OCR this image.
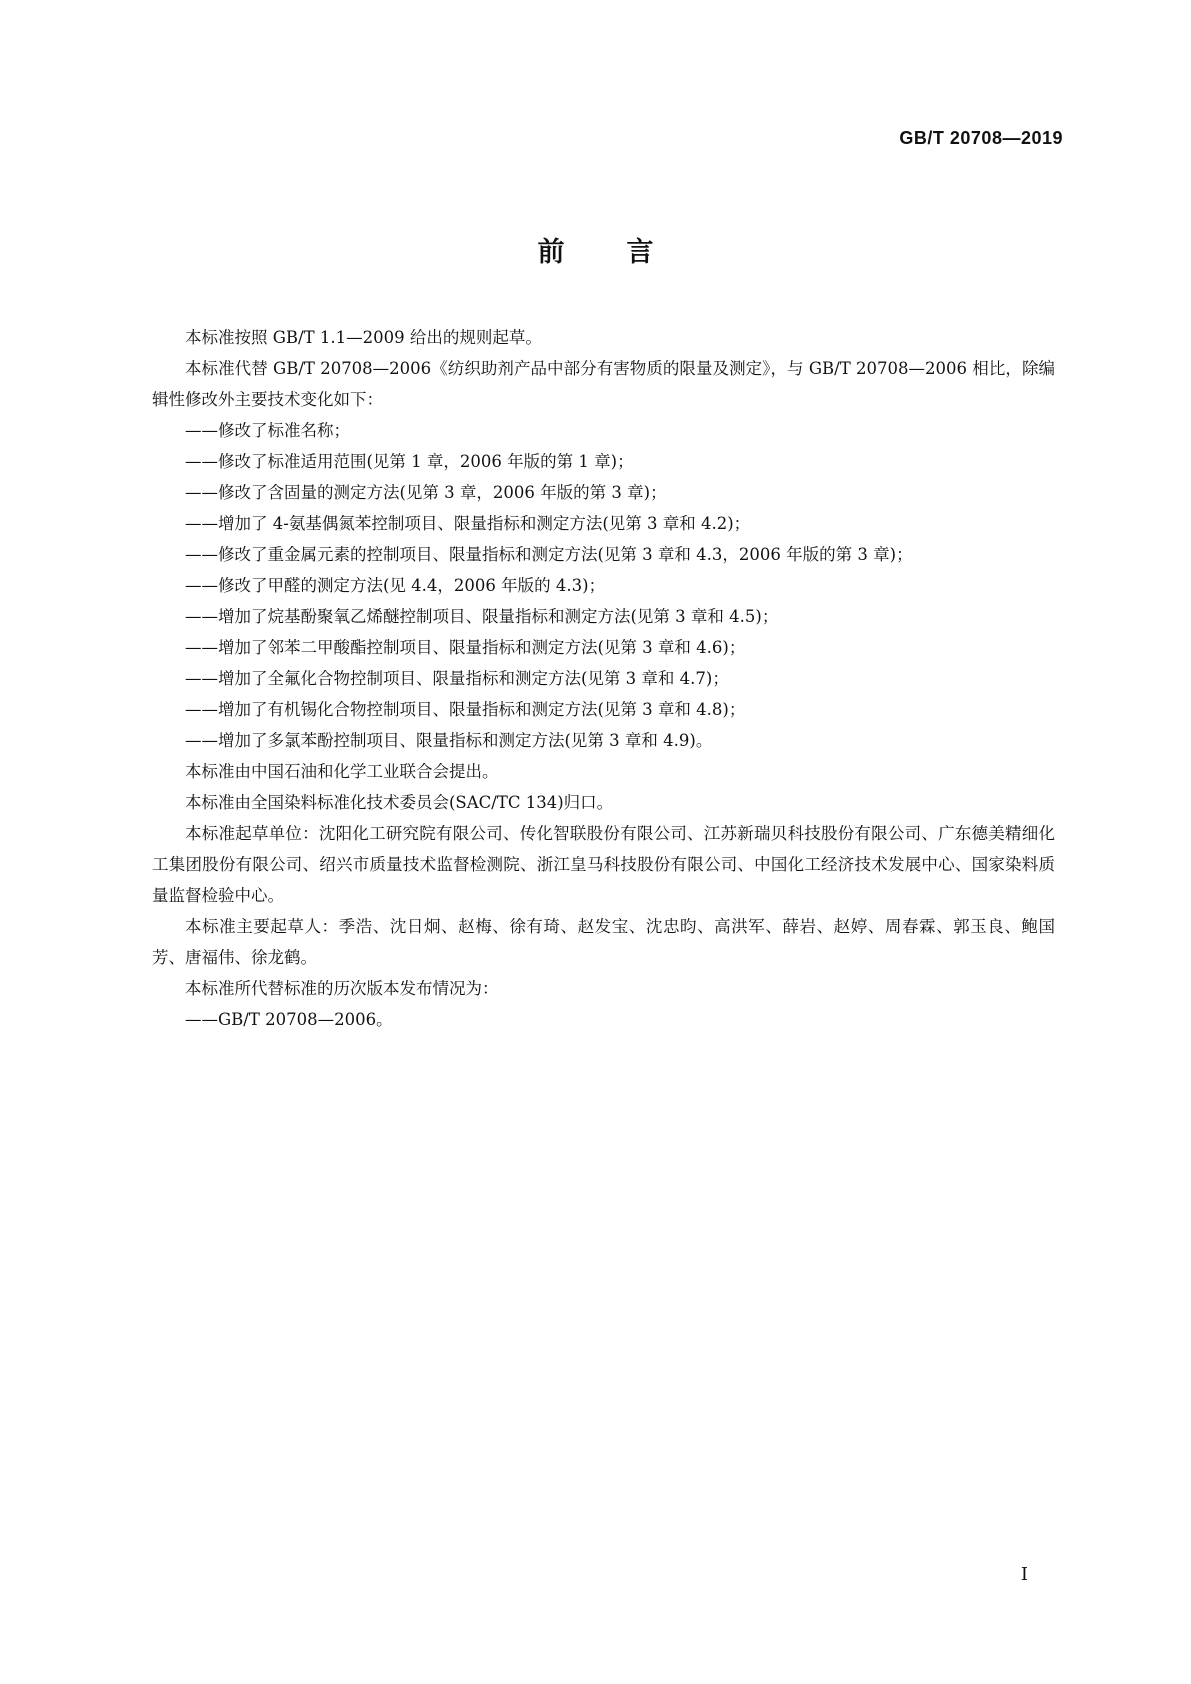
GB/T 20708—2019
前 言

本标准按照 GB/T 1.1—2009 给出的规则起草。

本标准代替 GB/T 20708—2006《纺织助剂产品中部分有害物质的限量及测定》，与 GB/T 20708—2006 相比，除编辑性修改外主要技术变化如下：

——修改了标准名称；

——修改了标准适用范围(见第 1 章，2006 年版的第 1 章)；

——修改了含固量的测定方法(见第 3 章，2006 年版的第 3 章)；

——增加了 4-氨基偶氮苯控制项目、限量指标和测定方法(见第 3 章和 4.2)；

——修改了重金属元素的控制项目、限量指标和测定方法(见第 3 章和 4.3，2006 年版的第 3 章)；

——修改了甲醛的测定方法(见 4.4，2006 年版的 4.3)；

——增加了烷基酚聚氧乙烯醚控制项目、限量指标和测定方法(见第 3 章和 4.5)；

——增加了邻苯二甲酸酯控制项目、限量指标和测定方法(见第 3 章和 4.6)；

——增加了全氟化合物控制项目、限量指标和测定方法(见第 3 章和 4.7)；

——增加了有机锡化合物控制项目、限量指标和测定方法(见第 3 章和 4.8)；

——增加了多氯苯酚控制项目、限量指标和测定方法(见第 3 章和 4.9)。

本标准由中国石油和化学工业联合会提出。

本标准由全国染料标准化技术委员会(SAC/TC 134)归口。

本标准起草单位：沈阳化工研究院有限公司、传化智联股份有限公司、江苏新瑞贝科技股份有限公司、广东德美精细化工集团股份有限公司、绍兴市质量技术监督检测院、浙江皇马科技股份有限公司、中国化工经济技术发展中心、国家染料质量监督检验中心。

本标准主要起草人：季浩、沈日炯、赵梅、徐有琦、赵发宝、沈忠昀、高洪军、薛岩、赵婷、周春霖、郭玉良、鲍国芳、唐福伟、徐龙鹤。

本标准所代替标准的历次版本发布情况为：

——GB/T 20708—2006。

I
